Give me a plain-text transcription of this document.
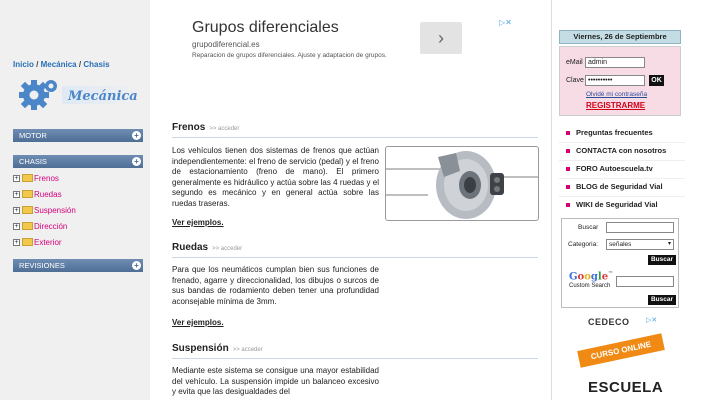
Inicio / Mecánica / Chasis
Mecánica
MOTOR	+
CHASIS	+
+ Frenos
+ Ruedas
+ Suspensión
+ Dirección
+ Exterior
REVISIONES	+
Grupos diferenciales
grupodiferencial.es
Reparacion de grupos diferenciales. Ajuste y adaptacion de grupos.
›
▷✕
Frenos >> acceder
Los vehículos tienen dos sistemas de frenos que actúan independientemente: el freno de servicio (pedal) y el freno de estacionamiento (freno de mano). El primero generalmente es hidráulico y actúa sobre las 4 ruedas y el segundo es mecánico y en general actúa sobre las ruedas traseras.
Ver ejemplos.
Ruedas >> acceder
Para que los neumáticos cumplan bien sus funciones de frenado, agarre y direccionalidad, los dibujos o surcos de sus bandas de rodamiento deben tener una profundidad aconsejable mínima de 3mm.
Ver ejemplos.
Suspensión >> acceder
Mediante este sistema se consigue una mayor estabilidad del vehículo. La suspensión impide un balanceo excesivo y evita que las desigualdades del
Viernes, 26 de Septiembre
eMail admin
Clave ••••••••••	OK
Olvidé mi contraseña
REGISTRARME
Preguntas frecuentes
CONTACTA con nosotros
FORO Autoescuela.tv
BLOG de Seguridad Vial
WIKI de Seguridad Vial
Buscar
Categoria:	señales	▾
Buscar
Google™
Custom Search
Buscar
CEDECO ▷✕
CURSO ONLINE
ESCUELA
